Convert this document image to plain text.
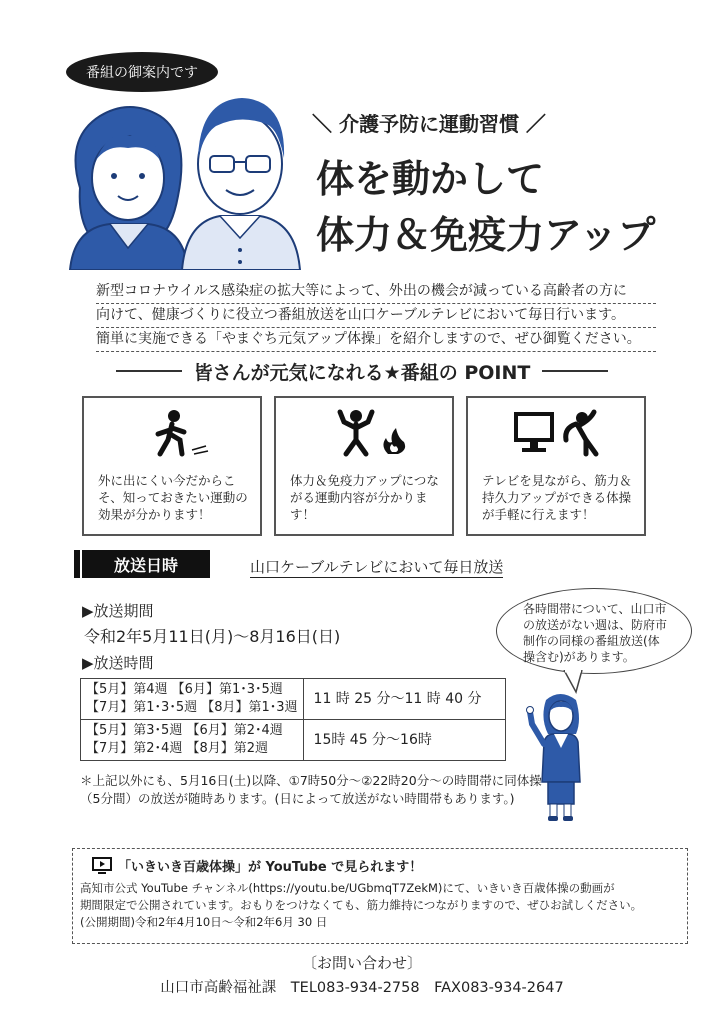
番組の御案内です
＼ 介護予防に運動習慣 ／
体を動かして
体力＆免疫力アップ
新型コロナウイルス感染症の拡大等によって、外出の機会が減っている高齢者の方に
向けて、健康づくりに役立つ番組放送を山口ケーブルテレビにおいて毎日行います。
簡単に実施できる「やまぐち元気アップ体操」を紹介しますので、ぜひ御覧ください。
皆さんが元気になれる★番組の POINT
外に出にくい今だからこそ、知っておきたい運動の効果が分かります！
体力＆免疫力アップにつながる運動内容が分かります！
テレビを見ながら、筋力＆持久力アップができる体操が手軽に行えます！
放送日時	山口ケーブルテレビにおいて毎日放送
▶放送期間
令和2年5月11日(月)～8月16日(日)
▶放送時間
【5月】第4週 【6月】第1･3･5週
【7月】第1･3･5週 【8月】第1･3週	11 時 25 分～11 時 40 分

【5月】第3･5週 【6月】第2･4週
【7月】第2･4週 【8月】第2週	15時 45 分～16時
＊上記以外にも、5月16日(土)以降、①7時50分～②22時20分～の時間帯に同体操（5分間）の放送が随時あります。(日によって放送がない時間帯もあります。)
各時間帯について、山口市の放送がない週は、防府市制作の同様の番組放送(体操含む)があります。
「いきいき百歳体操」が YouTube で見られます！
高知市公式 YouTube チャンネル(https://youtu.be/UGbmqT7ZekM)にて、いきいき百歳体操の動画が
期間限定で公開されています。おもりをつけなくても、筋力維持につながりますので、ぜひお試しください。
(公開期間)令和2年4月10日～令和2年6月 30 日
〔お問い合わせ〕
山口市高齢福祉課　TEL083-934-2758　FAX083-934-2647
